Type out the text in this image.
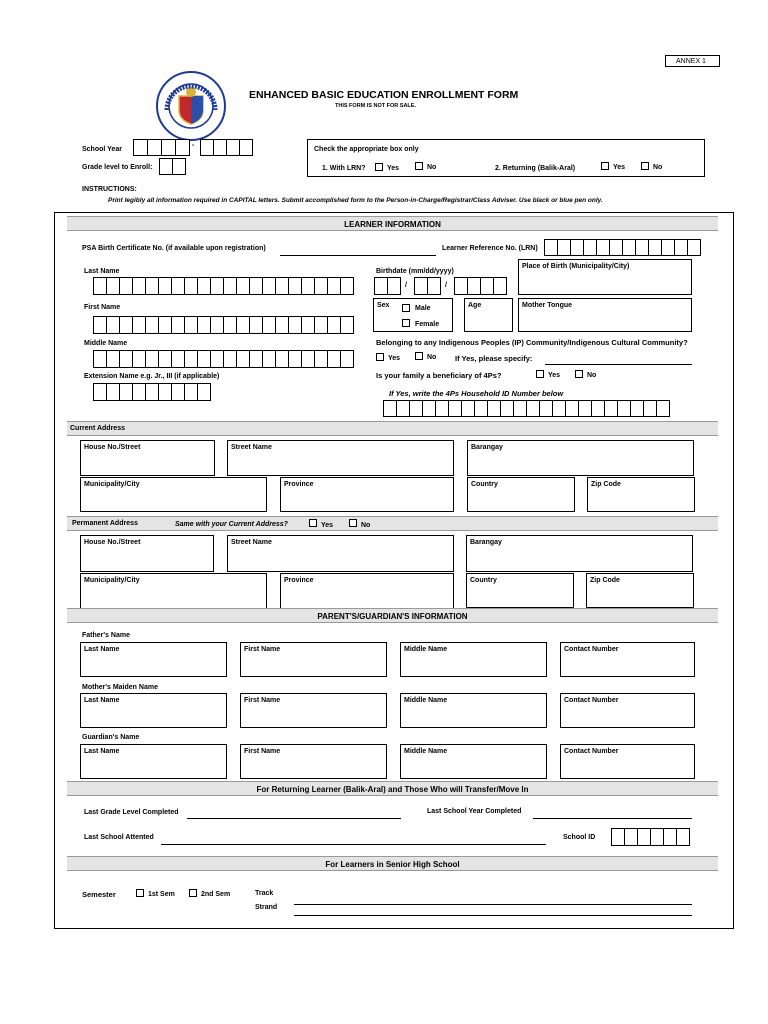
ANNEX 1
ENHANCED BASIC EDUCATION ENROLLMENT FORM
THIS FORM IS NOT FOR SALE.
School Year
-
Grade level to Enroll:
Check the appropriate box only
1. With LRN?	Yes	No	2. Returning (Balik-Aral)	Yes	No
INSTRUCTIONS:
Print legibly all information required in CAPITAL letters. Submit accomplished form to the Person-in-Charge/Registrar/Class Adviser. Use black or blue pen only.
LEARNER INFORMATION
PSA Birth Certificate No. (if available upon registration)	Learner Reference No. (LRN)
Last Name	Birthdate (mm/dd/yyyy)
/	/
Place of Birth (Municipality/City)
First Name	Sex	Male
Female
Age	Mother Tongue
Middle Name	Belonging to any Indigenous Peoples (IP) Community/Indigenous Cultural Community?
Yes	No If Yes, please specify:
Extension Name e.g. Jr., III (if applicable)	Is your family a beneficiary of 4Ps?	Yes	No
If Yes, write the 4Ps Household ID Number below
Current Address
House No./Street	Street Name	Barangay
Municipality/City	Province	Country	Zip Code
Permanent Address	Same with your Current Address?	Yes	No
House No./Street	Street Name	Barangay
Municipality/City	Province	Country	Zip Code
PARENT'S/GUARDIAN'S INFORMATION
Father's Name
Last Name	First Name	Middle Name	Contact Number
Mother's Maiden Name
Last Name	First Name	Middle Name	Contact Number
Guardian's Name
Last Name	First Name	Middle Name	Contact Number
For Returning Learner (Balik-Aral) and Those Who will Transfer/Move In
Last Grade Level Completed	Last School Year Completed
Last School Attented	School ID
For Learners in Senior High School
Semester	1st Sem	2nd Sem	Track
Strand
